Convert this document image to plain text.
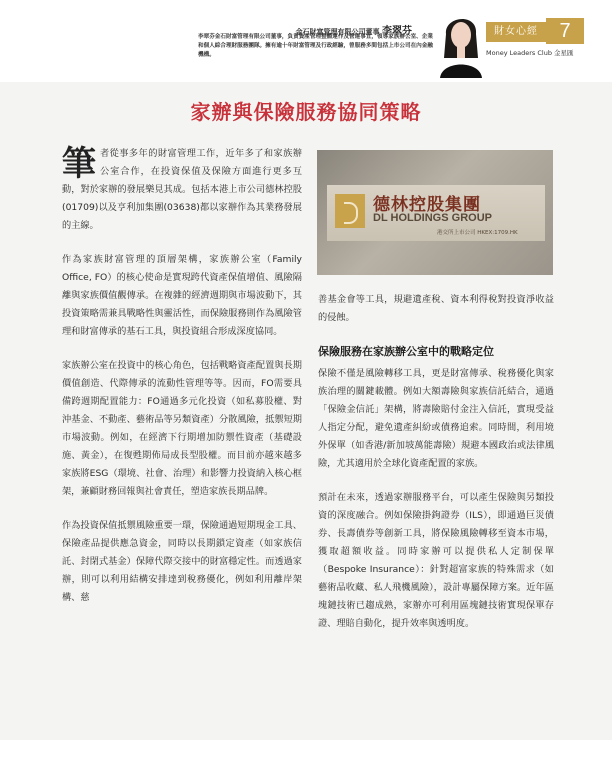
金石財富管理有限公司董事 李翠芬
李翠芬金石財富管理有限公司董事，負責資產管理整體運作及營運事宜，領導家族辦公室、企業和個人綜合理財服務團隊。擁有逾十年財富管理及行政經驗，曾服務多間包括上市公司在內金融機構。
財女心經	7
Money Leaders Club 金星匯
家辦與保險服務協同策略

筆者從事多年的財富管理工作，近年多了和家族辦公室合作，在投資保值及保險方面進行更多互動，對於家辦的發展樂見其成。包括本港上市公司德林控股(01709)以及亨利加集團(03638)都以家辦作為其業務發展的主線。

作為家族財富管理的頂層架構，家族辦公室（Family Office, FO）的核心使命是實現跨代資產保值增值、風險隔離與家族價值觀傳承。在複雜的經濟週期與市場波動下，其投資策略需兼具戰略性與靈活性，而保險服務則作為風險管理和財富傳承的基石工具，與投資組合形成深度協同。

家族辦公室在投資中的核心角色，包括戰略資產配置與長期價值創造、代際傳承的流動性管理等等。因而，FO需要具備跨週期配置能力：FO通過多元化投資（如私募股權、對沖基金、不動產、藝術品等另類資產）分散風險，抵禦短期市場波動。例如，在經濟下行期增加防禦性資產（基礎設施、黃金），在復甦期佈局成長型股權。而目前亦越來越多家族將ESG（環境、社會、治理）和影響力投資納入核心框架，兼顧財務回報與社會責任，塑造家族長期品牌。

作為投資保值抵禦風險重要一環，保險通過短期現金工具、保險產品提供應急資金，同時以長期鎖定資產（如家族信託、封閉式基金）保障代際交接中的財富穩定性。而透過家辦，則可以利用結構安排達到稅務優化，例如利用離岸架構、慈

德林控股集團
DL HOLDINGS GROUP
港交所上市公司 HKEX:1709.HK

善基金會等工具，規避遺產稅、資本利得稅對投資淨收益的侵蝕。

保險服務在家族辦公室中的戰略定位

保險不僅是風險轉移工具，更是財富傳承、稅務優化與家族治理的關鍵載體。例如大額壽險與家族信託結合，通過「保險金信託」架構，將壽險賠付金注入信託，實現受益人指定分配，避免遺產糾紛或債務追索。同時間，利用境外保單（如香港/新加坡萬能壽險）規避本國政治或法律風險，尤其適用於全球化資產配置的家族。

預計在未來，透過家辦服務平台，可以產生保險與另類投資的深度融合。例如保險掛鉤證券（ILS），即通過巨災債券、長壽債券等創新工具，將保險風險轉移至資本市場，獲取超額收益。同時家辦可以提供私人定制保單（Bespoke Insurance）：針對超富家族的特殊需求（如藝術品收藏、私人飛機風險），設計專屬保障方案。近年區塊鏈技術已趨成熟，家辦亦可利用區塊鏈技術實現保單存證、理賠自動化，提升效率與透明度。
